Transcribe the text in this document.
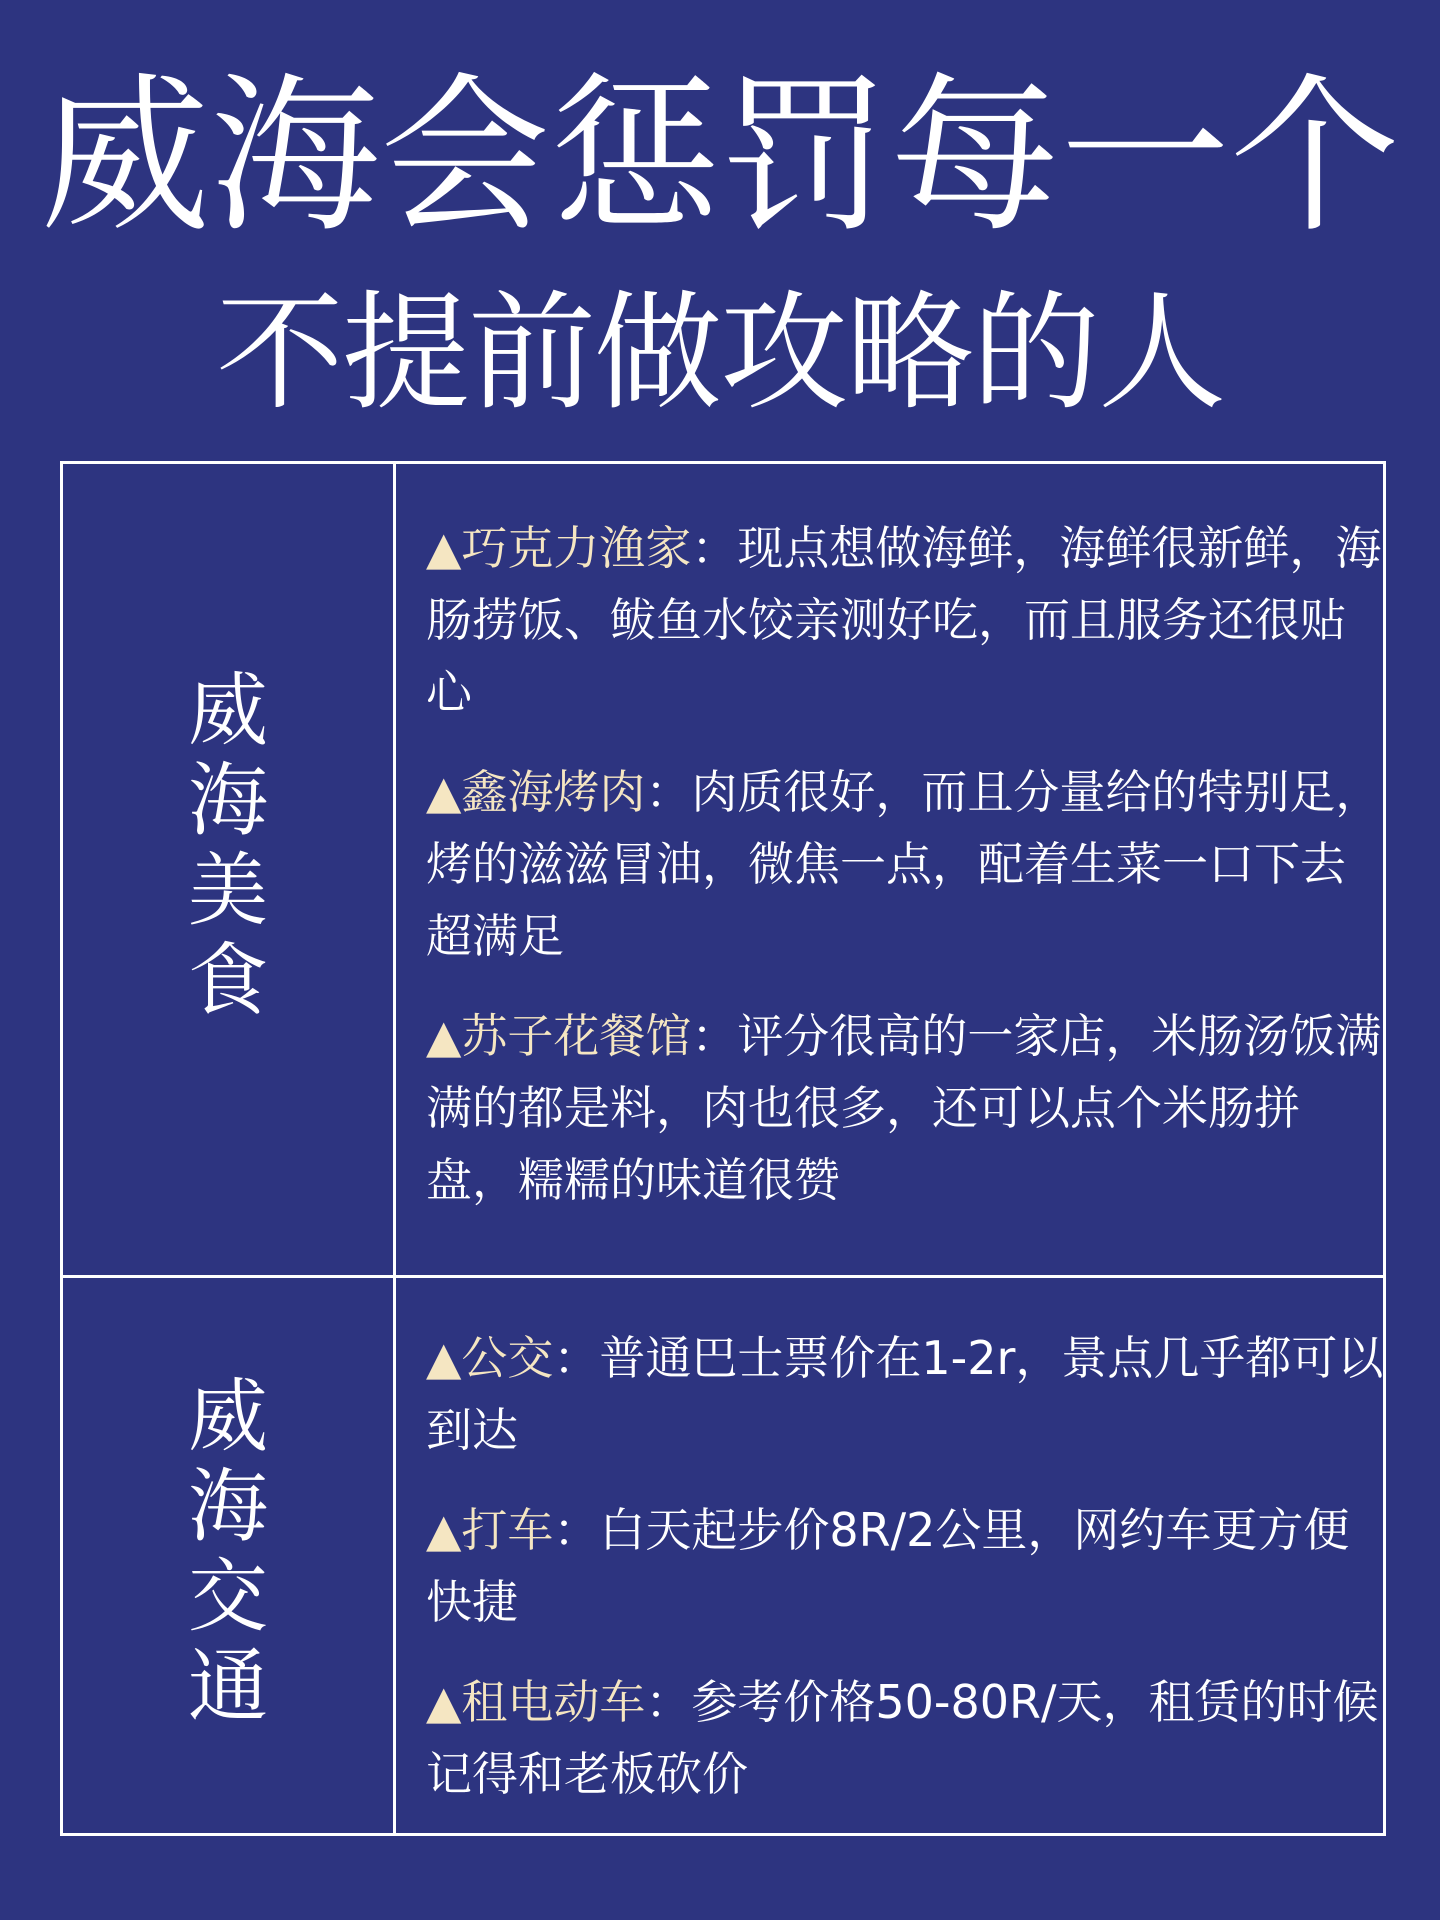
威海会惩罚每一个
不提前做攻略的人
威
海
美
食

▲巧克力渔家：现点想做海鲜，海鲜很新鲜，海肠捞饭、鲅鱼水饺亲测好吃，而且服务还很贴心

▲鑫海烤肉：肉质很好，而且分量给的特别足，烤的滋滋冒油，微焦一点，配着生菜一口下去超满足

▲苏子花餐馆：评分很高的一家店，米肠汤饭满满的都是料，肉也很多，还可以点个米肠拼盘，糯糯的味道很赞

威
海
交
通

▲公交：普通巴士票价在1-2r，景点几乎都可以到达

▲打车：白天起步价8R/2公里，网约车更方便快捷

▲租电动车：参考价格50-80R/天，租赁的时候记得和老板砍价
